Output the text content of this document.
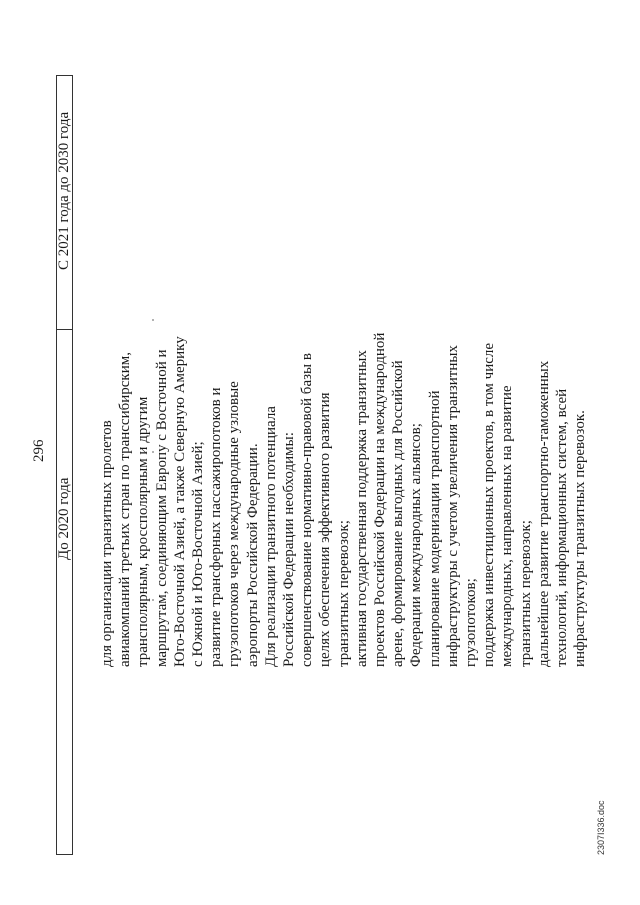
296
До 2020 года
С 2021 года до 2030 года
для организации транзитных пролетов авиакомпаний третьих стран по транссибирским, трансполярным, кроссполярным и другим маршрутам, соединяющим Европу с Восточной и Юго-Восточной Азией, а также Северную Америку с Южной и Юго-Восточной Азией; развитие трансферных пассажиропотоков и грузопотоков через международные узловые аэропорты Российской Федерации. Для реализации транзитного потенциала Российской Федерации необходимы: совершенствование нормативно-правовой базы в целях обеспечения эффективного развития транзитных перевозок; активная государственная поддержка транзитных проектов Российской Федерации на международной арене, формирование выгодных для Российской Федерации международных альянсов; планирование модернизации транспортной инфраструктуры с учетом увеличения транзитных грузопотоков; поддержка инвестиционных проектов, в том числе международных, направленных на развитие транзитных перевозок; дальнейшее развитие транспортно-таможенных технологий, информационных систем, всей инфраструктуры транзитных перевозок.
2307І336.doc
